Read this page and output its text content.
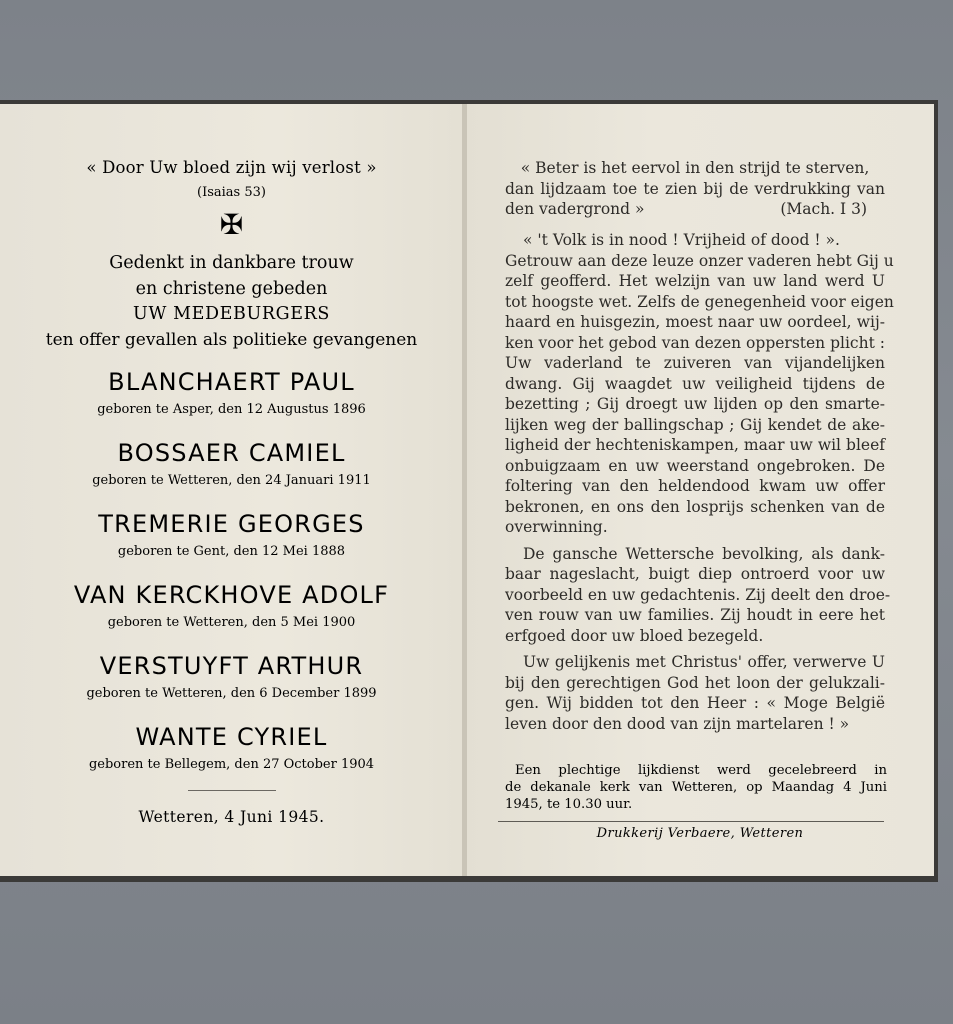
« Door Uw bloed zijn wij verlost »
(Isaias 53)
✠
Gedenkt in dankbare trouw
en christene gebeden
UW MEDEBURGERS
ten offer gevallen als politieke gevangenen
BLANCHAERT PAUL
geboren te Asper, den 12 Augustus 1896
BOSSAER CAMIEL
geboren te Wetteren, den 24 Januari 1911
TREMERIE GEORGES
geboren te Gent, den 12 Mei 1888
VAN KERCKHOVE ADOLF
geboren te Wetteren, den 5 Mei 1900
VERSTUYFT ARTHUR
geboren te Wetteren, den 6 December 1899
WANTE CYRIEL
geboren te Bellegem, den 27 October 1904
Wetteren, 4 Juni 1945.
« Beter is het eervol in den strijd te sterven,
dan lijdzaam toe te zien bij de verdrukking van
den vadergrond »	(Mach. I 3)

« 't Volk is in nood ! Vrijheid of dood ! ».
Getrouw aan deze leuze onzer vaderen hebt Gij u
zelf geofferd. Het welzijn van uw land werd U
tot hoogste wet. Zelfs de genegenheid voor eigen
haard en huisgezin, moest naar uw oordeel, wij-
ken voor het gebod van dezen oppersten plicht :
Uw vaderland te zuiveren van vijandelijken
dwang. Gij waagdet uw veiligheid tijdens de
bezetting ; Gij droegt uw lijden op den smarte-
lijken weg der ballingschap ; Gij kendet de ake-
ligheid der hechteniskampen, maar uw wil bleef
onbuigzaam en uw weerstand ongebroken. De
foltering van den heldendood kwam uw offer
bekronen, en ons den losprijs schenken van de
overwinning.

De gansche Wettersche bevolking, als dank-
baar nageslacht, buigt diep ontroerd voor uw
voorbeeld en uw gedachtenis. Zij deelt den droe-
ven rouw van uw families. Zij houdt in eere het
erfgoed door uw bloed bezegeld.

Uw gelijkenis met Christus' offer, verwerve U
bij den gerechtigen God het loon der gelukzali-
gen. Wij bidden tot den Heer : « Moge België
leven door den dood van zijn martelaren ! »

Een plechtige lijkdienst werd gecelebreerd in
de dekanale kerk van Wetteren, op Maandag 4 Juni
1945, te 10.30 uur.
Drukkerij Verbaere, Wetteren
